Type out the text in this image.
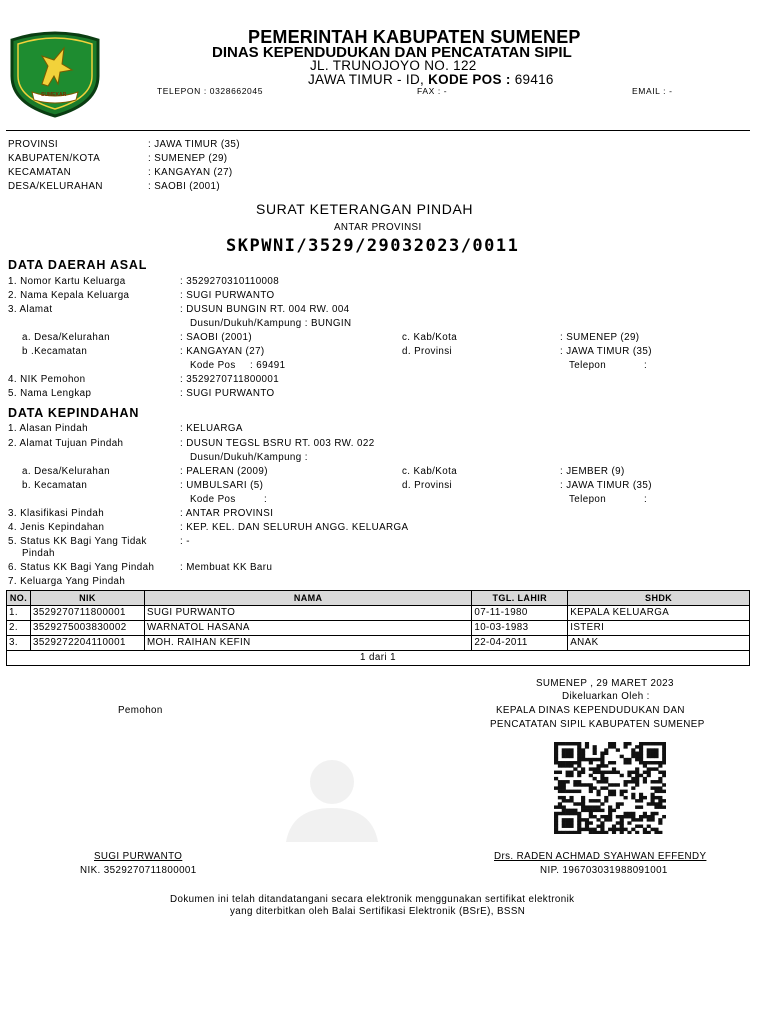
SUMEKAR
PEMERINTAH KABUPATEN SUMENEP
DINAS KEPENDUDUKAN DAN PENCATATAN SIPIL
JL. TRUNOJOYO NO. 122
JAWA TIMUR - ID, KODE POS : 69416
TELEPON : 0328662045	FAX : -	EMAIL : -
PROVINSI	: JAWA TIMUR (35)
KABUPATEN/KOTA	: SUMENEP (29)
KECAMATAN	: KANGAYAN (27)
DESA/KELURAHAN	: SAOBI (2001)
SURAT KETERANGAN PINDAH
ANTAR PROVINSI
SKPWNI/3529/29032023/0011
DATA DAERAH ASAL
1. Nomor Kartu Keluarga	: 3529270310110008
2. Nama Kepala Keluarga	: SUGI PURWANTO
3. Alamat	: DUSUN BUNGIN RT. 004 RW. 004
Dusun/Dukuh/Kampung : BUNGIN
a. Desa/Kelurahan	: SAOBI (2001)	c. Kab/Kota	: SUMENEP (29)
b .Kecamatan	: KANGAYAN (27)	d. Provinsi	: JAWA TIMUR (35)
Kode Pos : 69491	Telepon	:
4. NIK Pemohon	: 3529270711800001
5. Nama Lengkap	: SUGI PURWANTO
DATA KEPINDAHAN
1. Alasan Pindah	: KELUARGA
2. Alamat Tujuan Pindah	: DUSUN TEGSL BSRU RT. 003 RW. 022
Dusun/Dukuh/Kampung :
a. Desa/Kelurahan	: PALERAN (2009)	c. Kab/Kota	: JEMBER (9)
b. Kecamatan	: UMBULSARI (5)	d. Provinsi	: JAWA TIMUR (35)
Kode Pos	:	Telepon	:
3. Klasifikasi Pindah	: ANTAR PROVINSI
4. Jenis Kepindahan	: KEP. KEL. DAN SELURUH ANGG. KELUARGA
5. Status KK Bagi Yang Tidak	: -
Pindah
6. Status KK Bagi Yang Pindah	: Membuat KK Baru
7. Keluarga Yang Pindah
NO.	NIK	NAMA	TGL. LAHIR	SHDK
1.	3529270711800001	SUGI PURWANTO	07-11-1980	KEPALA KELUARGA
2.	3529275003830002	WARNATOL HASANA	10-03-1983	ISTERI
3.	3529272204110001	MOH. RAIHAN KEFIN	22-04-2011	ANAK
1 dari 1				
SUMENEP , 29 MARET 2023
Dikeluarkan Oleh :
Pemohon	KEPALA DINAS KEPENDUDUKAN DAN
PENCATATAN SIPIL KABUPATEN SUMENEP
SUGI PURWANTO
NIK. 3529270711800001
Drs. RADEN ACHMAD SYAHWAN EFFENDY
NIP. 196703031988091001
Dokumen ini telah ditandatangani secara elektronik menggunakan sertifikat elektronik
yang diterbitkan oleh Balai Sertifikasi Elektronik (BSrE), BSSN
